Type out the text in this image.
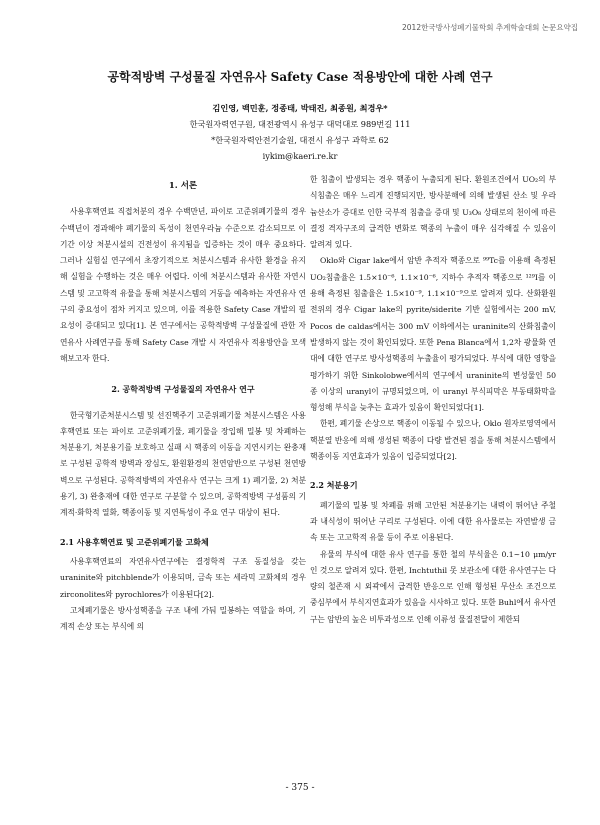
2012한국방사성폐기물학회 추계학술대회 논문요약집
공학적방벽 구성물질 자연유사 Safety Case 적용방안에 대한 사례 연구
김인영, 백민훈, 정종태, 박태진, 최종원, 최경우*
한국원자력연구원, 대전광역시 유성구 대덕대로 989번길 111
*한국원자력안전기술원, 대전시 유성구 과학로 62
iykim@kaeri.re.kr
1. 서론

사용후핵연료 직접처분의 경우 수백만년, 파이로 고준위폐기물의 경우 수백년이 경과해야 폐기물의 독성이 천연우라늄 수준으로 감소되므로 이 기간 이상 처분시설의 건전성이 유지됨을 입증하는 것이 매우 중요하다. 그러나 실험실 연구에서 초장기적으로 처분시스템과 유사한 환경을 유지해 실험을 수행하는 것은 매우 어렵다. 이에 처분시스템과 유사한 자연시스템 및 고고학적 유물을 통해 처분시스템의 거동을 예측하는 자연유사 연구의 중요성이 점차 커지고 있으며, 이를 적용한 Safety Case 개발의 필요성이 증대되고 있다[1]. 본 연구에서는 공학적방벽 구성물질에 관한 자연유사 사례연구를 통해 Safety Case 개발 시 자연유사 적용방안을 모색해보고자 한다.

2. 공학적방벽 구성물질의 자연유사 연구

한국형기준처분시스템 및 선진핵주기 고준위폐기물 처분시스템은 사용후핵연료 또는 파이로 고준위폐기물, 폐기물을 장입해 밀봉 및 차폐하는 처분용기, 처분용기를 보호하고 실패 시 핵종의 이동을 지연시키는 완충재로 구성된 공학적 방벽과 장심도, 환원환경의 천연암반으로 구성된 천연방벽으로 구성된다. 공학적방벽의 자연유사 연구는 크게 1) 폐기물, 2) 처분용기, 3) 완충재에 대한 연구로 구분할 수 있으며, 공학적방벽 구성품의 기계적·화학적 열화, 핵종이동 및 지연특성이 주요 연구 대상이 된다.

2.1 사용후핵연료 및 고준위폐기물 고화체

사용후핵연료의 자연유사연구에는 결정학적 구조 동질성을 갖는 uraninite와 pitchblende가 이용되며, 금속 또는 세라믹 고화체의 경우 zirconolites와 pyrochlores가 이용된다[2].

고체폐기물은 방사성핵종을 구조 내에 가둬 밀봉하는 역할을 하며, 기계적 손상 또는 부식에 의

한 침출이 발생되는 경우 핵종이 누출되게 된다. 환원조건에서 UO₂의 부식침출은 매우 느리게 진행되지만, 방사분해에 의해 발생된 산소 및 우라늄산소가 증대로 인한 국부적 침출을 증대 및 U₃O₈ 상태로의 천이에 따른 결정 격자구조의 급격한 변화로 핵종의 누출이 매우 심각해질 수 있음이 알려져 있다.

Oklo와 Cigar lake에서 암반 추적자 핵종으로 ⁹⁹Tc를 이용해 측정된 UO₂침출율은 1.5×10⁻⁶, 1.1×10⁻⁶, 지하수 추적자 핵종으로 ¹²⁹I를 이용해 측정된 침출율은 1.5×10⁻⁹, 1.1×10⁻⁹으로 알려져 있다. 산화환원전위의 경우 Cigar lake의 pyrite/siderite 기반 실험에서는 200 mV, Pocos de caldas에서는 300 mV 이하에서는 uraninite의 산화침출이 발생하지 않는 것이 확인되었다. 또한 Pena Blanca에서 1,2차 광물화 연대에 대한 연구로 방사성핵종의 누출율이 평가되었다. 부식에 대한 영향을 평가하기 위한 Sinkolobwe에서의 연구에서 uraninite의 변성물인 50종 이상의 uranyl이 규명되었으며, 이 uranyl 부식피막은 부동태화막을 형성해 부식을 늦추는 효과가 있음이 확인되었다[1].

한편, 폐기물 손상으로 핵종이 이동될 수 있으나, Oklo 원자로영역에서 핵분열 반응에 의해 생성된 핵종이 다량 발견된 점을 통해 처분시스템에서 핵종이동 지연효과가 있음이 입증되었다[2].

2.2 처분용기

폐기물의 밀봉 및 차폐를 위해 고안된 처분용기는 내력이 뛰어난 주철과 내식성이 뛰어난 구리로 구성된다. 이에 대한 유사물로는 자연발생 금속 또는 고고학적 유물 등이 주로 이용된다.

유물의 부식에 대한 유사 연구를 통한 철의 부식율은 0.1~10 μm/yr인 것으로 알려져 있다. 한편, Inchtuthil 못 보관소에 대한 유사연구는 다량의 철존재 시 외곽에서 급격한 반응으로 인해 형성된 무산소 조건으로 중심부에서 부식지연효과가 있음을 시사하고 있다. 또한 Buhl에서 유사연구는 암반의 높은 비투과성으로 인해 이류성 물질전달이 제한되

- 375 -
